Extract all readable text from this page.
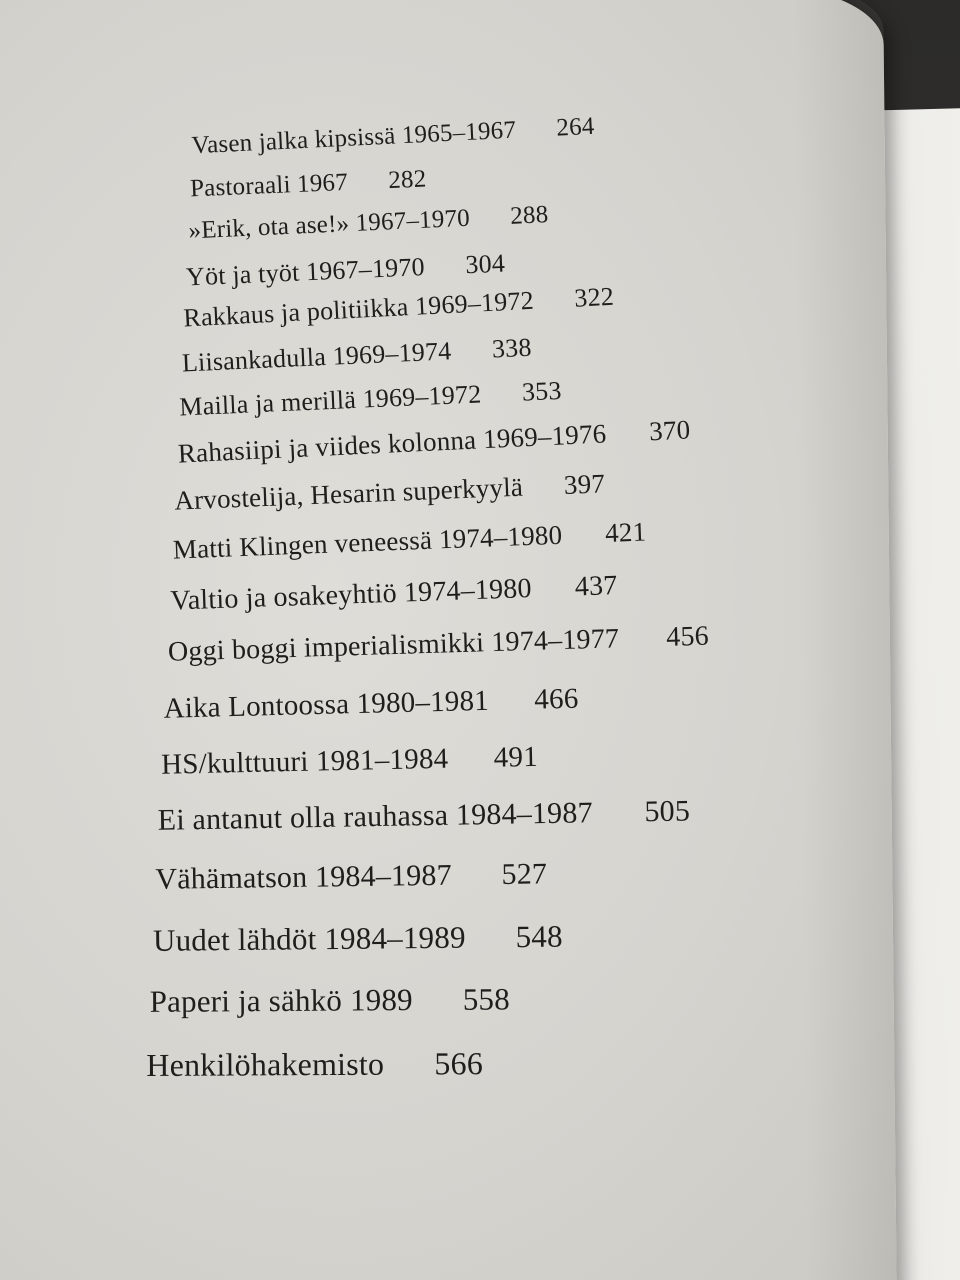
Vasen jalka kipsissä 1965–1967 264
Pastoraali 1967 282
»Erik, ota ase!» 1967–1970 288
Yöt ja työt 1967–1970 304
Rakkaus ja politiikka 1969–1972 322
Liisankadulla 1969–1974 338
Mailla ja merillä 1969–1972 353
Rahasiipi ja viides kolonna 1969–1976 370
Arvostelija, Hesarin superkyylä 397
Matti Klingen veneessä 1974–1980 421
Valtio ja osakeyhtiö 1974–1980 437
Oggi boggi imperialismikki 1974–1977 456
Aika Lontoossa 1980–1981 466
HS/kulttuuri 1981–1984 491
Ei antanut olla rauhassa 1984–1987 505
Vähämatson 1984–1987 527
Uudet lähdöt 1984–1989 548
Paperi ja sähkö 1989 558
Henkilöhakemisto 566
